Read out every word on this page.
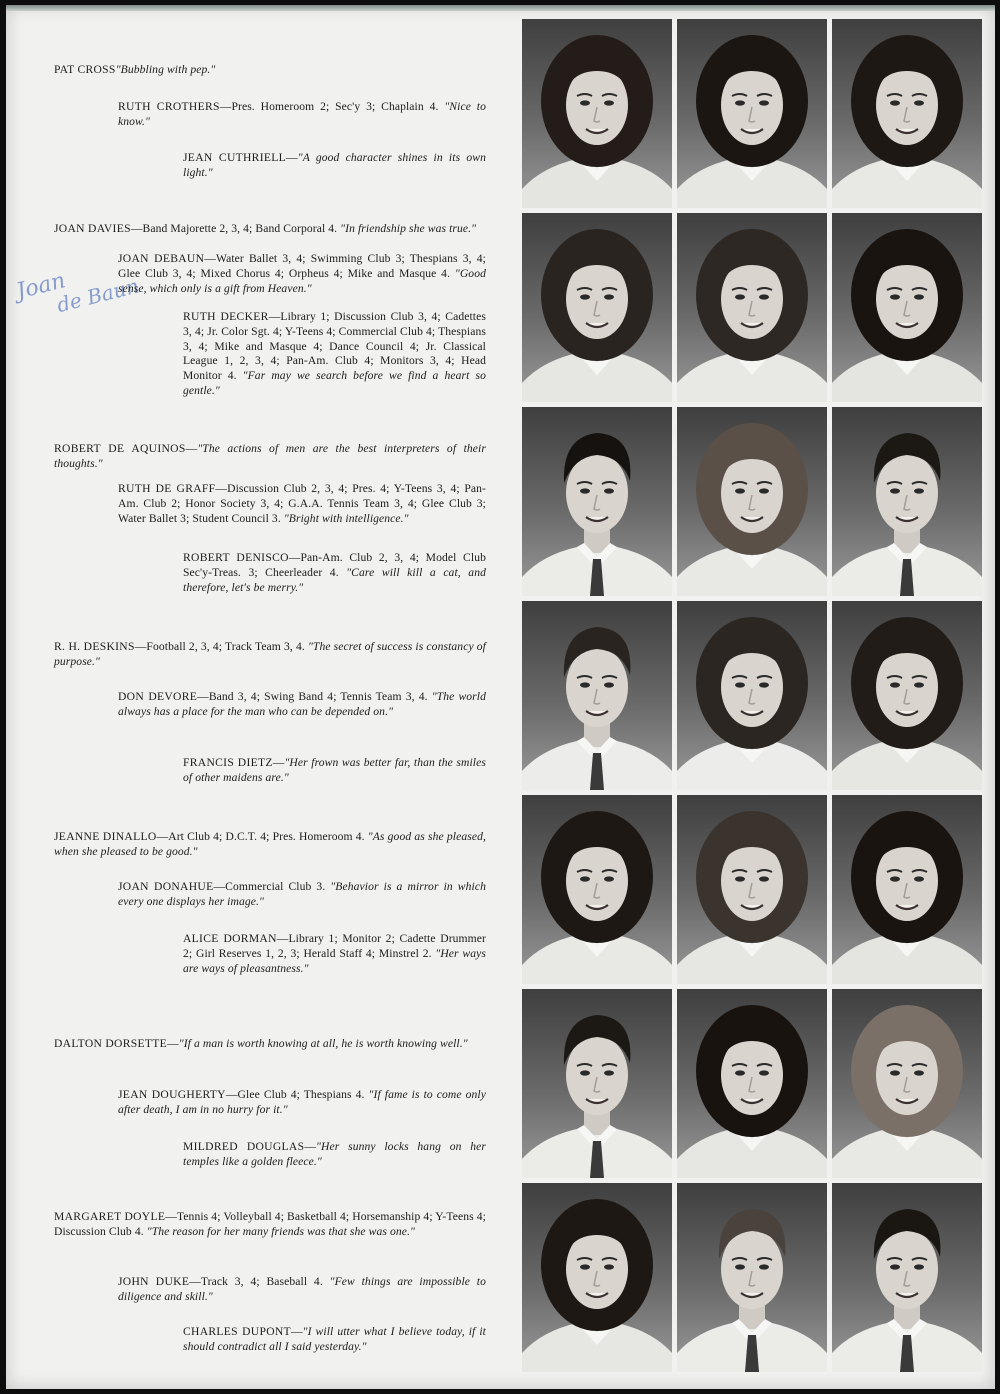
Joan
de Baun
PAT CROSS"Bubbling with pep."
RUTH CROTHERS—Pres. Homeroom 2; Sec'y 3; Chaplain 4. "Nice to know."
JEAN CUTHRIELL—"A good character shines in its own light."
JOAN DAVIES—Band Majorette 2, 3, 4; Band Corporal 4. "In friendship she was true."
JOAN DEBAUN—Water Ballet 3, 4; Swimming Club 3; Thespians 3, 4; Glee Club 3, 4; Mixed Chorus 4; Orpheus 4; Mike and Masque 4. "Good sense, which only is a gift from Heaven."
RUTH DECKER—Library 1; Discussion Club 3, 4; Cadettes 3, 4; Jr. Color Sgt. 4; Y-Teens 4; Commercial Club 4; Thespians 3, 4; Mike and Masque 4; Dance Council 4; Jr. Classical League 1, 2, 3, 4; Pan-Am. Club 4; Monitors 3, 4; Head Monitor 4. "Far may we search before we find a heart so gentle."
ROBERT DE AQUINOS—"The actions of men are the best interpreters of their thoughts."
RUTH DE GRAFF—Discussion Club 2, 3, 4; Pres. 4; Y-Teens 3, 4; Pan-Am. Club 2; Honor Society 3, 4; G.A.A. Tennis Team 3, 4; Glee Club 3; Water Ballet 3; Student Council 3. "Bright with intelligence."
ROBERT DENISCO—Pan-Am. Club 2, 3, 4; Model Club Sec'y-Treas. 3; Cheerleader 4. "Care will kill a cat, and therefore, let's be merry."
R. H. DESKINS—Football 2, 3, 4; Track Team 3, 4. "The secret of success is constancy of purpose."
DON DEVORE—Band 3, 4; Swing Band 4; Tennis Team 3, 4. "The world always has a place for the man who can be depended on."
FRANCIS DIETZ—"Her frown was better far, than the smiles of other maidens are."
JEANNE DINALLO—Art Club 4; D.C.T. 4; Pres. Homeroom 4. "As good as she pleased, when she pleased to be good."
JOAN DONAHUE—Commercial Club 3. "Behavior is a mirror in which every one displays her image."
ALICE DORMAN—Library 1; Monitor 2; Cadette Drummer 2; Girl Reserves 1, 2, 3; Herald Staff 4; Minstrel 2. "Her ways are ways of pleasantness."
DALTON DORSETTE—"If a man is worth knowing at all, he is worth knowing well."
JEAN DOUGHERTY—Glee Club 4; Thespians 4. "If fame is to come only after death, I am in no hurry for it."
MILDRED DOUGLAS—"Her sunny locks hang on her temples like a golden fleece."
MARGARET DOYLE—Tennis 4; Volleyball 4; Basketball 4; Horsemanship 4; Y-Teens 4; Discussion Club 4. "The reason for her many friends was that she was one."
JOHN DUKE—Track 3, 4; Baseball 4. "Few things are impossible to diligence and skill."
CHARLES DUPONT—"I will utter what I believe today, if it should contradict all I said yesterday."
